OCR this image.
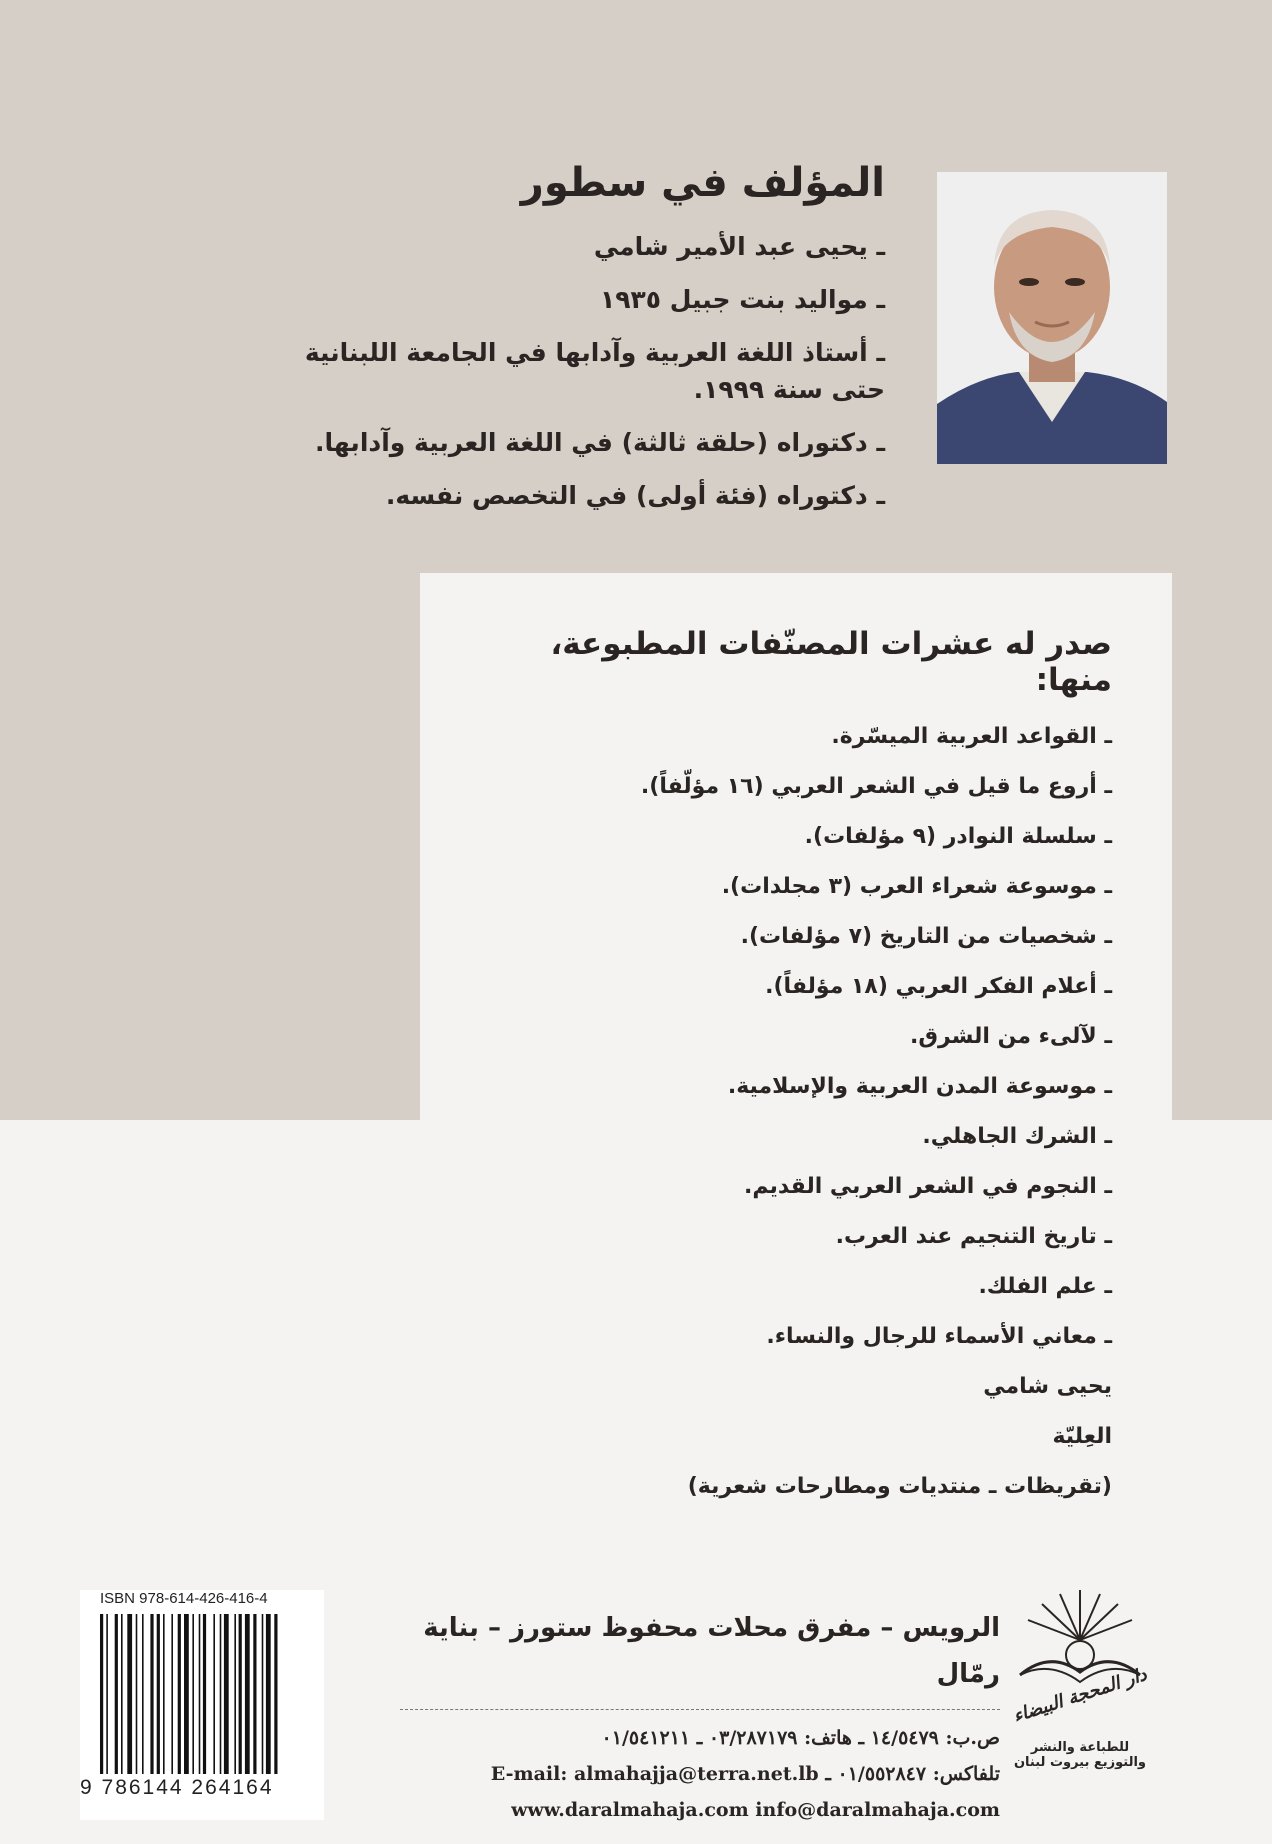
المؤلف في سطور
ـ يحيى عبد الأمير شامي
ـ مواليد بنت جبيل ١٩٣٥
ـ أستاذ اللغة العربية وآدابها في الجامعة اللبنانية حتى سنة ١٩٩٩.
ـ دكتوراه (حلقة ثالثة) في اللغة العربية وآدابها.
ـ دكتوراه (فئة أولى) في التخصص نفسه.
صدر له عشرات المصنّفات المطبوعة، منها:
ـ القواعد العربية الميسّرة.
ـ أروع ما قيل في الشعر العربي (١٦ مؤلّفاً).
ـ سلسلة النوادر (٩ مؤلفات).
ـ موسوعة شعراء العرب (٣ مجلدات).
ـ شخصيات من التاريخ (٧ مؤلفات).
ـ أعلام الفكر العربي (١٨ مؤلفاً).
ـ لآلىء من الشرق.
ـ موسوعة المدن العربية والإسلامية.
ـ الشرك الجاهلي.
ـ النجوم في الشعر العربي القديم.
ـ تاريخ التنجيم عند العرب.
ـ علم الفلك.
ـ معاني الأسماء للرجال والنساء.
يحيى شامي
العِليّة
(تقريظات ـ منتديات ومطارحات شعرية)
ISBN 978-614-426-416-4
9 786144 264164
الرويس – مفرق محلات محفوظ ستورز – بناية رمّال
ص.ب: ١٤/٥٤٧٩ ـ هاتف: ٠٣/٢٨٧١٧٩ ـ ٠١/٥٤١٢١١
تلفاكس: ٠١/٥٥٢٨٤٧ ـ E-mail: almahajja@terra.net.lb
www.daralmahaja.com info@daralmahaja.com
دار المحجة البيضاء
للطباعة والنشر والتوزيع بيروت لبنان
